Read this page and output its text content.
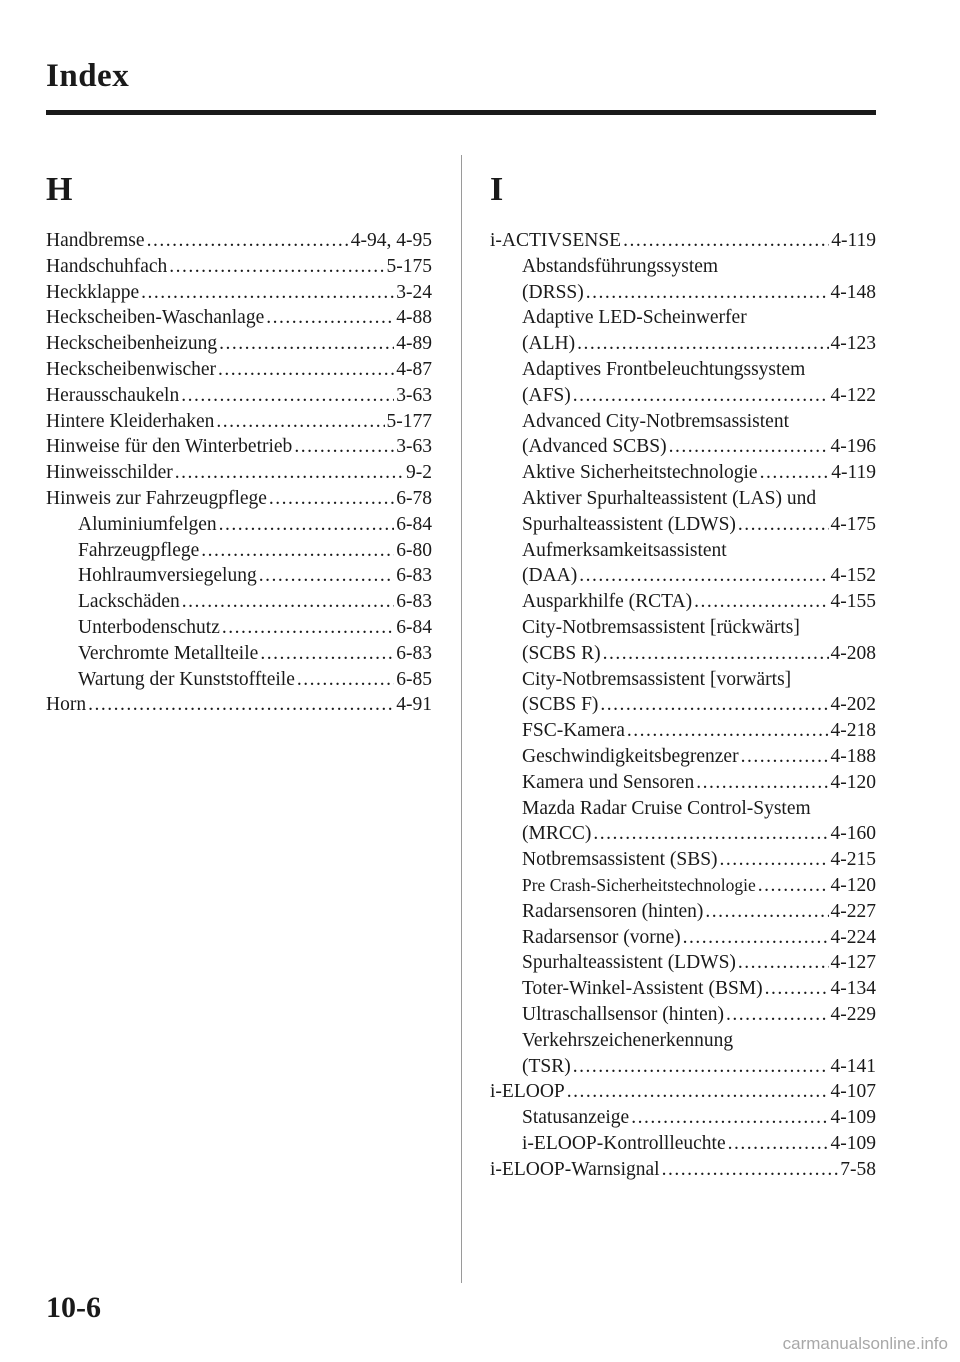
Index
H
Handbremse .....	4-94, 4-95
Handschuhfach .....	5-175
Heckklappe .....	3-24
Heckscheiben-Waschanlage .....	4-88
Heckscheibenheizung .....	4-89
Heckscheibenwischer .....	4-87
Herausschaukeln .....	3-63
Hintere Kleiderhaken .....	5-177
Hinweise für den Winterbetrieb .....	3-63
Hinweisschilder .....	9-2
Hinweis zur Fahrzeugpflege .....	6-78
Aluminiumfelgen .....	6-84
Fahrzeugpflege .....	6-80
Hohlraumversiegelung .....	6-83
Lackschäden .....	6-83
Unterbodenschutz .....	6-84
Verchromte Metallteile .....	6-83
Wartung der Kunststoffteile .....	6-85
Horn .....	4-91
I
i-ACTIVSENSE .....	4-119
Abstandsführungssystem
(DRSS) .....	4-148
Adaptive LED-Scheinwerfer
(ALH) .....	4-123
Adaptives Frontbeleuchtungssystem
(AFS) .....	4-122
Advanced City-Notbremsassistent
(Advanced SCBS) .....	4-196
Aktive Sicherheitstechnologie .....	4-119
Aktiver Spurhalteassistent (LAS) und
Spurhalteassistent (LDWS) .....	4-175
Aufmerksamkeitsassistent
(DAA) .....	4-152
Ausparkhilfe (RCTA) .....	4-155
City-Notbremsassistent [rückwärts]
(SCBS R) .....	4-208
City-Notbremsassistent [vorwärts]
(SCBS F) .....	4-202
FSC-Kamera .....	4-218
Geschwindigkeitsbegrenzer .....	4-188
Kamera und Sensoren .....	4-120
Mazda Radar Cruise Control-System
(MRCC) .....	4-160
Notbremsassistent (SBS) .....	4-215
Pre Crash-Sicherheitstechnologie .....	4-120
Radarsensoren (hinten) .....	4-227
Radarsensor (vorne) .....	4-224
Spurhalteassistent (LDWS) .....	4-127
Toter-Winkel-Assistent (BSM) .....	4-134
Ultraschallsensor (hinten) .....	4-229
Verkehrszeichenerkennung
(TSR) .....	4-141
i-ELOOP .....	4-107
Statusanzeige .....	4-109
i-ELOOP-Kontrollleuchte .....	4-109
i-ELOOP-Warnsignal .....	7-58
10-6
carmanualsonline.info
